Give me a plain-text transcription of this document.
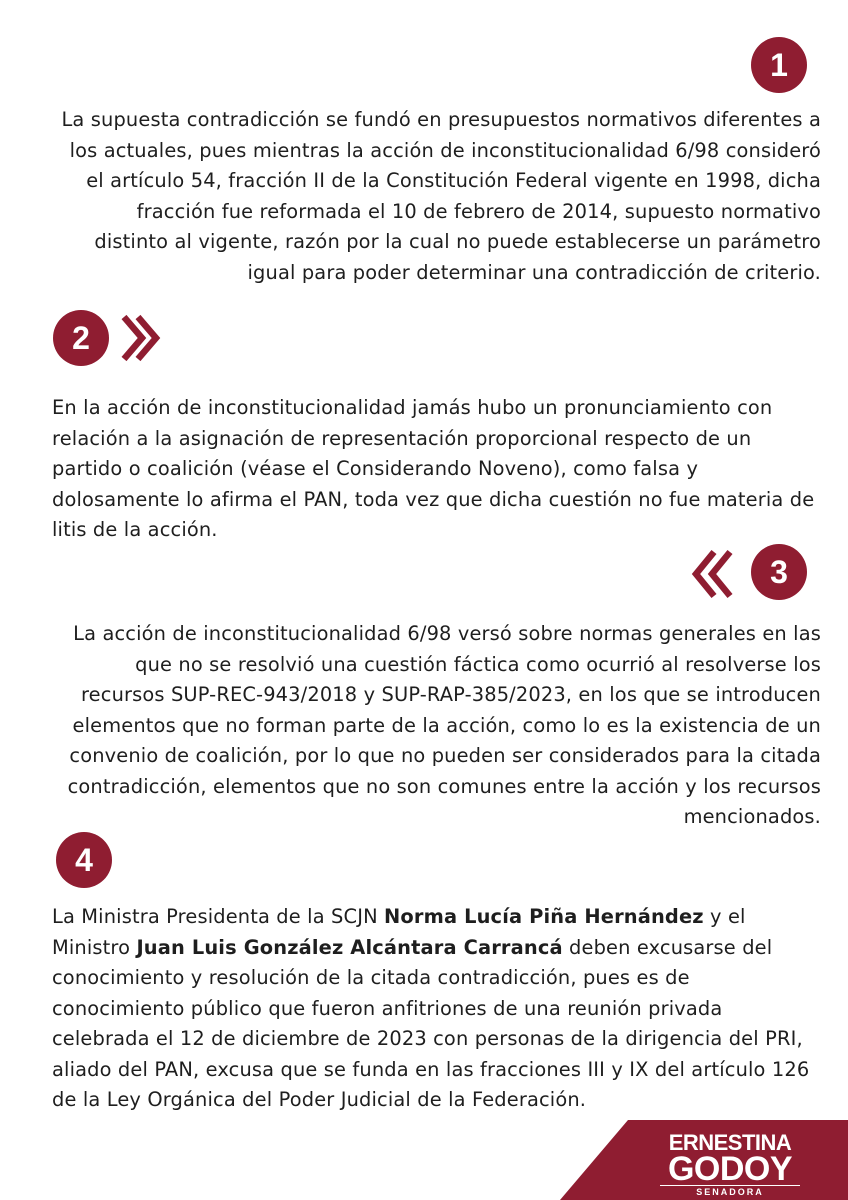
1

La supuesta contradicción se fundó en presupuestos normativos diferentes a los actuales, pues mientras la acción de inconstitucionalidad 6/98 consideró el artículo 54, fracción II de la Constitución Federal vigente en 1998, dicha fracción fue reformada el 10 de febrero de 2014, supuesto normativo distinto al vigente, razón por la cual no puede establecerse un parámetro igual para poder determinar una contradicción de criterio.

2

En la acción de inconstitucionalidad jamás hubo un pronunciamiento con relación a la asignación de representación proporcional respecto de un partido o coalición (véase el Considerando Noveno), como falsa y dolosamente lo afirma el PAN, toda vez que dicha cuestión no fue materia de litis de la acción.

3

La acción de inconstitucionalidad 6/98 versó sobre normas generales en las que no se resolvió una cuestión fáctica como ocurrió al resolverse los recursos SUP-REC-943/2018 y SUP-RAP-385/2023, en los que se introducen elementos que no forman parte de la acción, como lo es la existencia de un convenio de coalición, por lo que no pueden ser considerados para la citada contradicción, elementos que no son comunes entre la acción y los recursos mencionados.

4

La Ministra Presidenta de la SCJN Norma Lucía Piña Hernández y el Ministro Juan Luis González Alcántara Carrancá deben excusarse del conocimiento y resolución de la citada contradicción, pues es de conocimiento público que fueron anfitriones de una reunión privada celebrada el 12 de diciembre de 2023 con personas de la dirigencia del PRI, aliado del PAN, excusa que se funda en las fracciones III y IX del artículo 126 de la Ley Orgánica del Poder Judicial de la Federación.

ERNESTINA
GODOY
SENADORA
